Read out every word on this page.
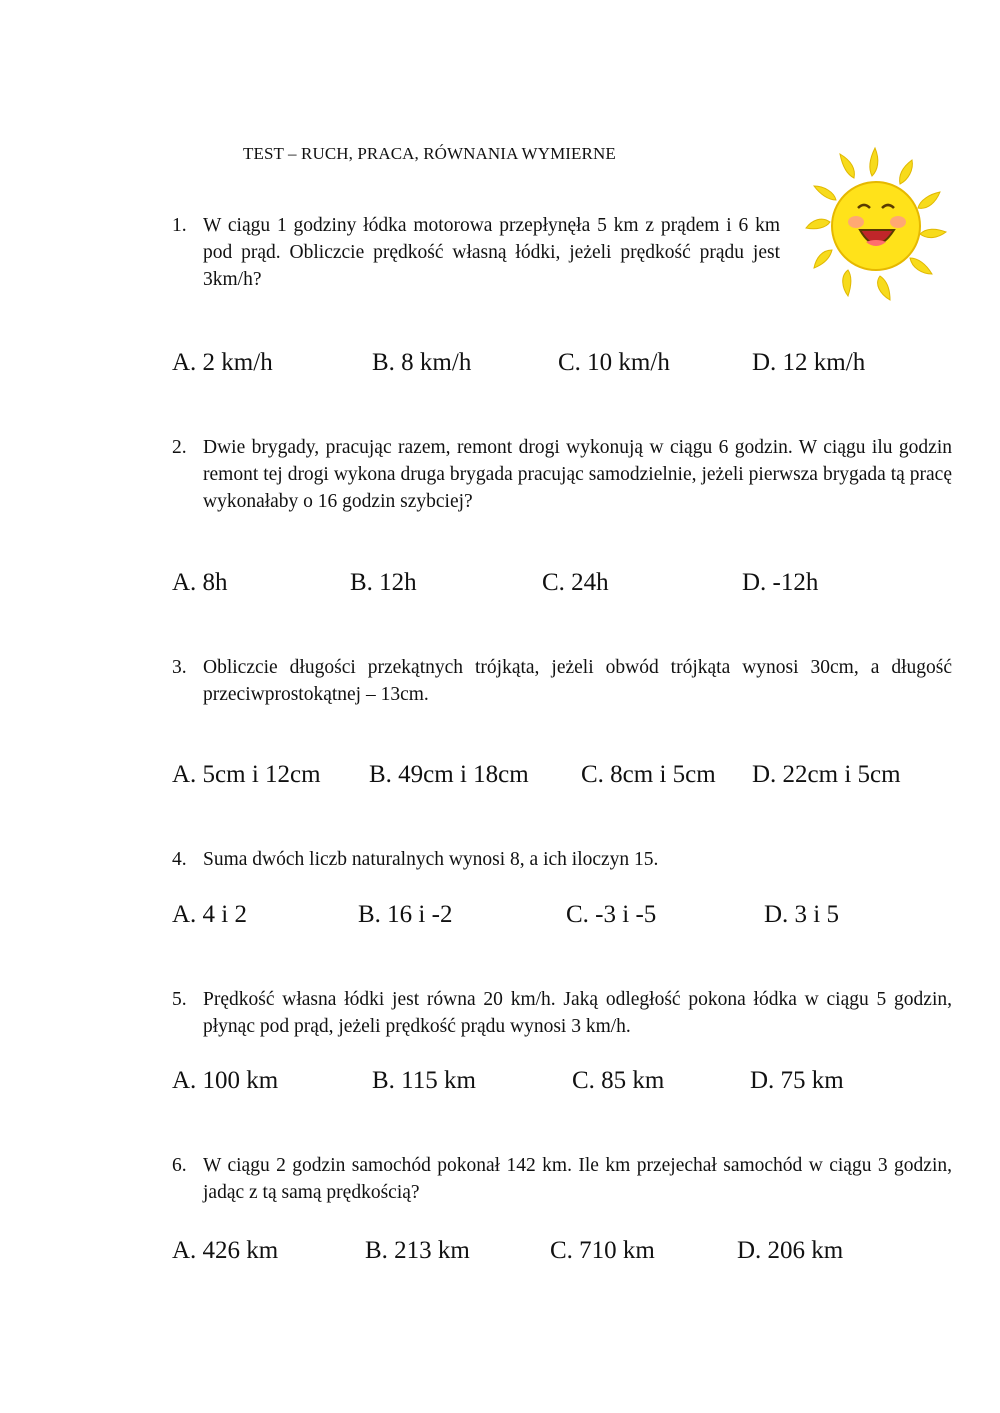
TEST – RUCH, PRACA, RÓWNANIA WYMIERNE
1. W ciągu 1 godziny łódka motorowa przepłynęła 5 km z prądem i 6 km pod prąd. Obliczcie prędkość własną łódki, jeżeli prędkość prądu jest 3km/h?
A. 2 km/h	B. 8 km/h	C. 10 km/h	D. 12 km/h
2. Dwie brygady, pracując razem, remont drogi wykonują w ciągu 6 godzin. W ciągu ilu godzin remont tej drogi wykona druga brygada pracując samodzielnie, jeżeli pierwsza brygada tą pracę wykonałaby o 16 godzin szybciej?
A. 8h	B. 12h	C. 24h	D. -12h
3. Obliczcie długości przekątnych trójkąta, jeżeli obwód trójkąta wynosi 30cm, a długość przeciwprostokątnej – 13cm.
A. 5cm i 12cm B. 49cm i 18cm C. 8cm i 5cm D. 22cm i 5cm
4. Suma dwóch liczb naturalnych wynosi 8, a ich iloczyn 15.
A. 4 i 2	B. 16 i -2	C. -3 i -5	D. 3 i 5
5. Prędkość własna łódki jest równa 20 km/h. Jaką odległość pokona łódka w ciągu 5 godzin, płynąc pod prąd, jeżeli prędkość prądu wynosi 3 km/h.
A. 100 km	B. 115 km	C. 85 km	D. 75 km
6. W ciągu 2 godzin samochód pokonał 142 km. Ile km przejechał samochód w ciągu 3 godzin, jadąc z tą samą prędkością?
A. 426 km	B. 213 km	C. 710 km	D. 206 km
